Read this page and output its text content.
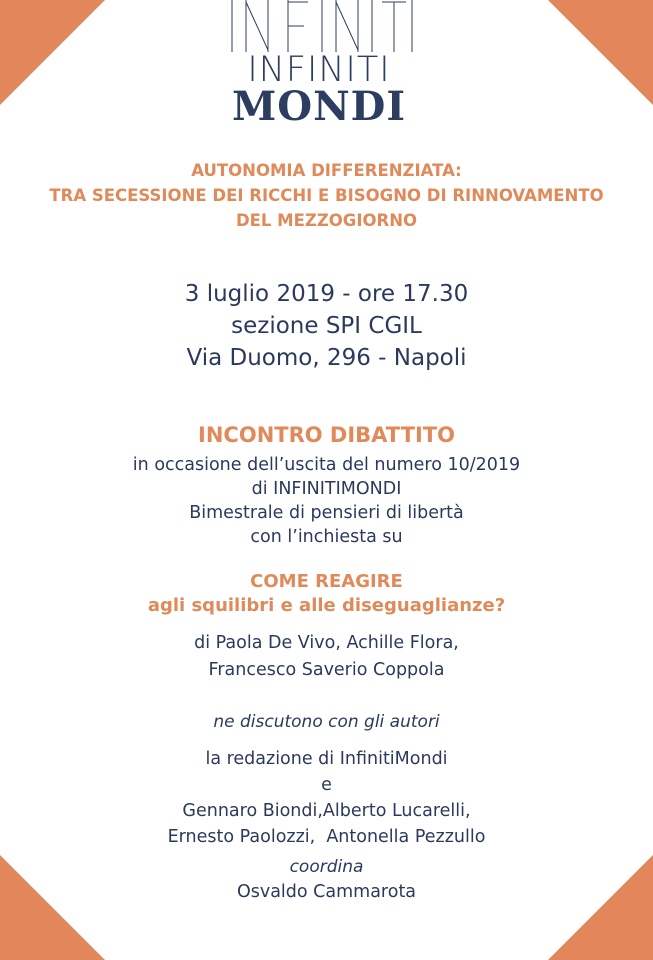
INFINITI
MONDI
AUTONOMIA DIFFERENZIATA:
TRA SECESSIONE DEI RICCHI E BISOGNO DI RINNOVAMENTO
DEL MEZZOGIORNO
3 luglio 2019 - ore 17.30
sezione SPI CGIL
Via Duomo, 296 - Napoli
INCONTRO DIBATTITO
in occasione dell’uscita del numero 10/2019
di INFINITIMONDI
Bimestrale di pensieri di libertà
con l’inchiesta su
COME REAGIRE
agli squilibri e alle diseguaglianze?
di Paola De Vivo, Achille Flora,
Francesco Saverio Coppola
ne discutono con gli autori
la redazione di InfinitiMondi
e
Gennaro Biondi,Alberto Lucarelli,
Ernesto Paolozzi,  Antonella Pezzullo
coordina
Osvaldo Cammarota
